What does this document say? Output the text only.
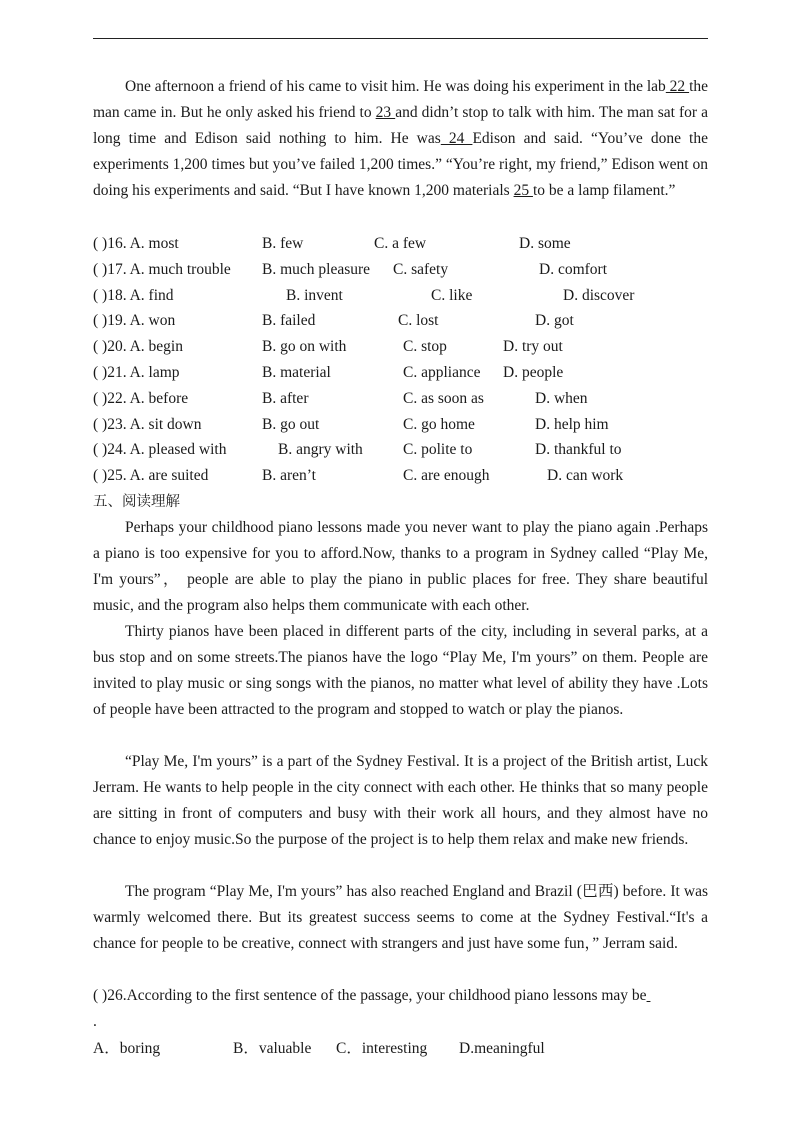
One afternoon a friend of his came to visit him. He was doing his experiment in the lab 22 the man came in. But he only asked his friend to 23 and didn’t stop to talk with him. The man sat for a long time and Edison said nothing to him. He was 24 Edison and said. “You’ve done the experiments 1,200 times but you’ve failed 1,200 times.” “You’re right, my friend,” Edison went on doing his experiments and said. “But I have known 1,200 materials 25 to be a lamp filament.”

( )16. A. most	B. few	C. a few	D. some
( )17. A. much trouble B. much pleasure C. safety	D. comfort
( )18. A. find	B. invent	C. like	D. discover
( )19. A. won	B. failed	C. lost	D. got
( )20. A. begin	B. go on with	C. stop	D. try out
( )21. A. lamp	B. material	C. appliance D. people
( )22. A. before	B. after	C. as soon as	D. when
( )23. A. sit down	B. go out	C. go home	D. help him
( )24. A. pleased with	B. angry with	C. polite to	D. thankful to
( )25. A. are suited	B. aren’t	C. are enough	D. can work
五、阅读理解

Perhaps your childhood piano lessons made you never want to play the piano again .Perhaps a piano is too expensive for you to afford.Now, thanks to a program in Sydney called “Play Me, I'm yours”， people are able to play the piano in public places for free. They share beautiful music, and the program also helps them communicate with each other.

Thirty pianos have been placed in different parts of the city, including in several parks, at a bus stop and on some streets.The pianos have the logo “Play Me, I'm yours” on them. People are invited to play music or sing songs with the pianos, no matter what level of ability they have .Lots of people have been attracted to the program and stopped to watch or play the pianos.

“Play Me, I'm yours” is a part of the Sydney Festival. It is a project of the British artist, Luck Jerram. He wants to help people in the city connect with each other. He thinks that so many people are sitting in front of computers and busy with their work all hours, and they almost have no chance to enjoy music.So the purpose of the project is to help them relax and make new friends.

The program “Play Me, I'm yours” has also reached England and Brazil (巴西) before. It was warmly welcomed there. But its greatest success seems to come at the Sydney Festival.“It's a chance for people to be creative, connect with strangers and just have some fun，” Jerram said.

( )26.According to the first sentence of the passage, your childhood piano lessons may be
.
A．boring	B．valuable C．interesting D.meaningful
